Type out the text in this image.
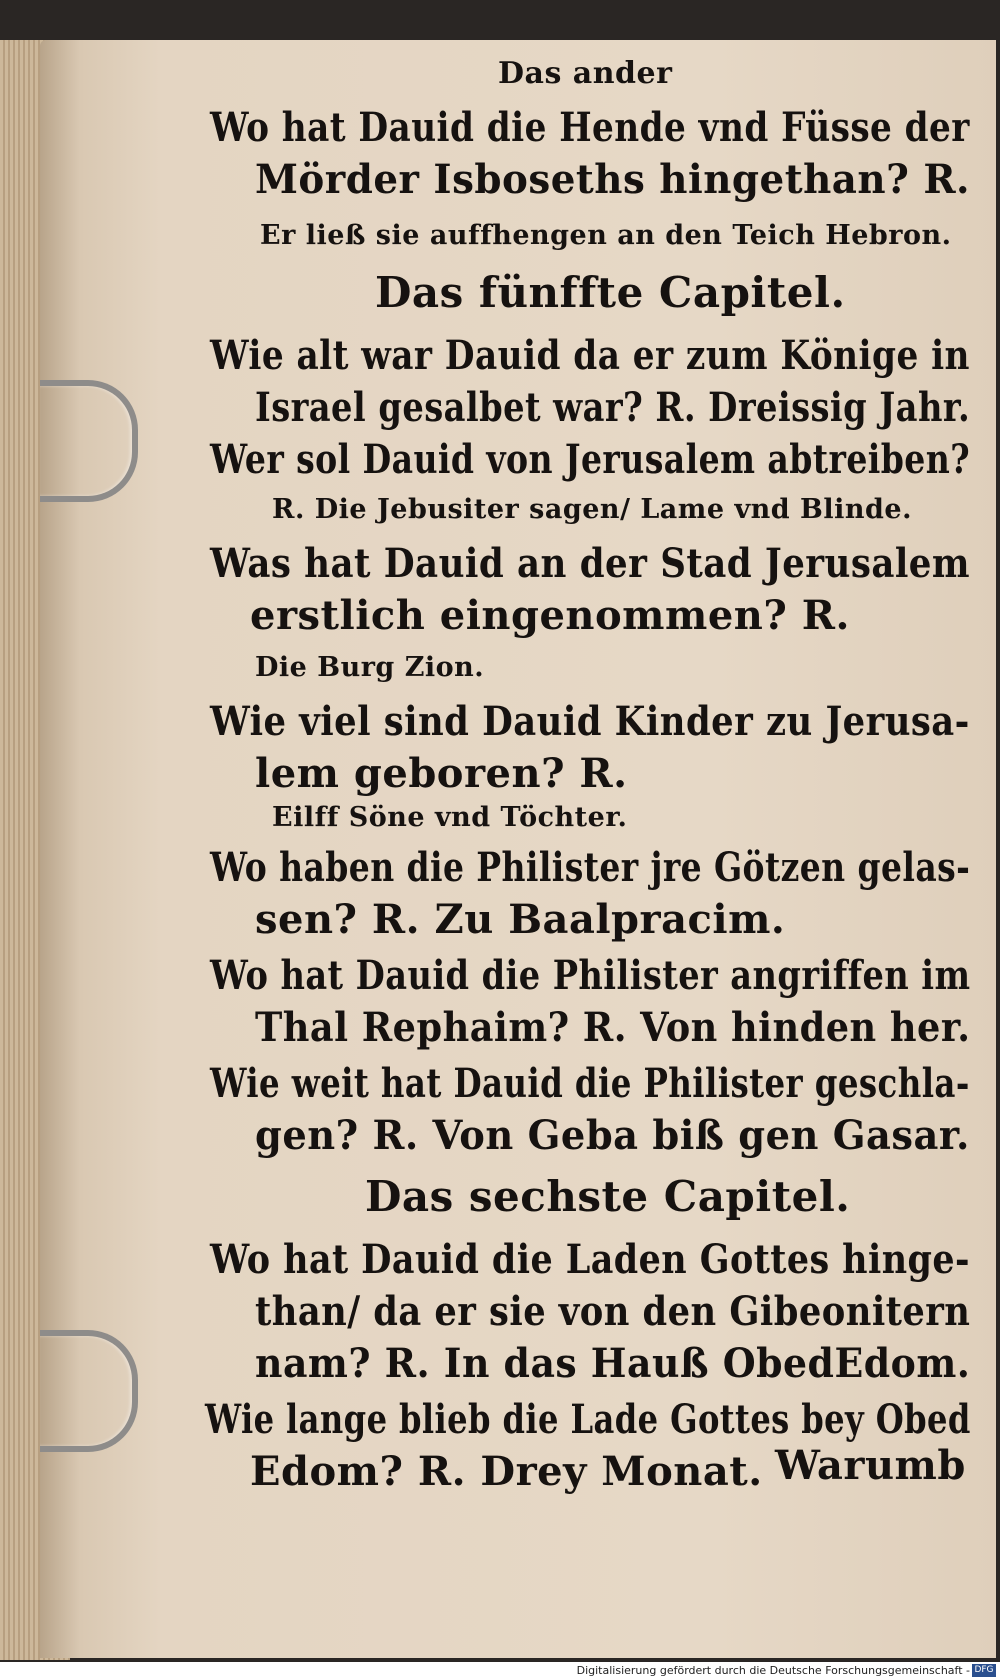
Das ander
Wo hat Dauid die Hende vnd Füsse der
Mörder Isboseths hingethan? R.
Er ließ sie auffhengen an den Teich Hebron.
Das fünffte Capitel.
Wie alt war Dauid da er zum Könige in
Israel gesalbet war? R. Dreissig Jahr.
Wer sol Dauid von Jerusalem abtreiben?
R. Die Jebusiter sagen/ Lame vnd Blinde.
Was hat Dauid an der Stad Jerusalem
erstlich eingenommen? R.
Die Burg Zion.
Wie viel sind Dauid Kinder zu Jerusa-
lem geboren? R.
Eilff Söne vnd Töchter.
Wo haben die Philister jre Götzen gelas-
sen? R. Zu Baalpracim.
Wo hat Dauid die Philister angriffen im
Thal Rephaim? R. Von hinden her.
Wie weit hat Dauid die Philister geschla-
gen? R. Von Geba biß gen Gasar.
Das sechste Capitel.
Wo hat Dauid die Laden Gottes hinge-
than/ da er sie von den Gibeonitern
nam? R. In das Hauß ObedEdom.
Wie lange blieb die Lade Gottes bey Obed
Edom? R. Drey Monat. Warumb
Digitalisierung gefördert durch die Deutsche Forschungsgemeinschaft - DFG
